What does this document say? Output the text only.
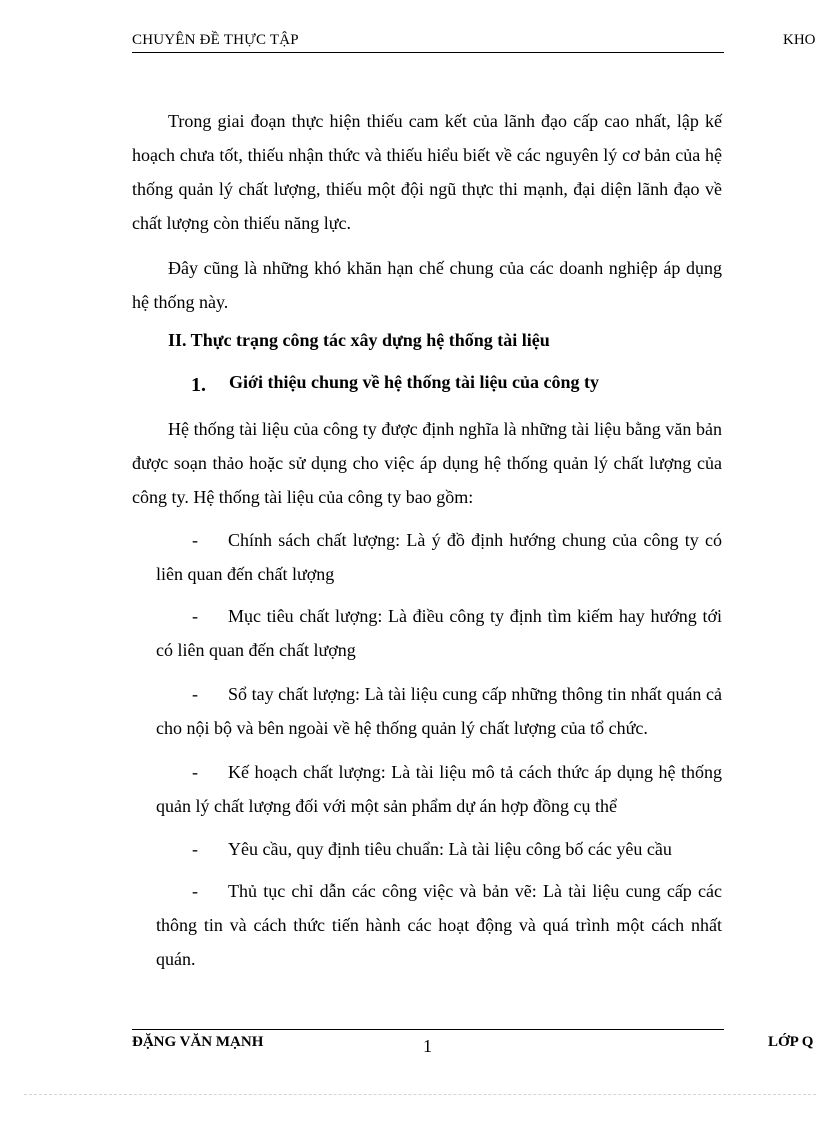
CHUYÊN ĐỀ THỰC TẬP	KHO
Trong giai đoạn thực hiện thiếu cam kết của lãnh đạo cấp cao nhất, lập kế hoạch chưa tốt, thiếu nhận thức và thiếu hiểu biết về các nguyên lý cơ bản của hệ thống quản lý chất lượng, thiếu một đội ngũ thực thi mạnh, đại diện lãnh đạo về chất lượng còn thiếu năng lực.
Đây cũng là những khó khăn hạn chế chung của các doanh nghiệp áp dụng hệ thống này.
II. Thực trạng công tác xây dựng hệ thống tài liệu
1. Giới thiệu chung về hệ thống tài liệu của công ty
Hệ thống tài liệu của công ty được định nghĩa là những tài liệu bằng văn bản được soạn thảo hoặc sử dụng cho việc áp dụng hệ thống quản lý chất lượng của công ty. Hệ thống tài liệu của công ty bao gồm:
- Chính sách chất lượng: Là ý đồ định hướng chung của công ty có liên quan đến chất lượng
- Mục tiêu chất lượng: Là điều công ty định tìm kiếm hay hướng tới có liên quan đến chất lượng
- Sổ tay chất lượng: Là tài liệu cung cấp những thông tin nhất quán cả cho nội bộ và bên ngoài về hệ thống quản lý chất lượng của tổ chức.
- Kế hoạch chất lượng: Là tài liệu mô tả cách thức áp dụng hệ thống quản lý chất lượng đối với một sản phẩm dự án hợp đồng cụ thể
- Yêu cầu, quy định tiêu chuẩn: Là tài liệu công bố các yêu cầu
- Thủ tục chỉ dẫn các công việc và bản vẽ: Là tài liệu cung cấp các thông tin và cách thức tiến hành các hoạt động và quá trình một cách nhất quán.
ĐẶNG VĂN MẠNH	1	LỚP Q
